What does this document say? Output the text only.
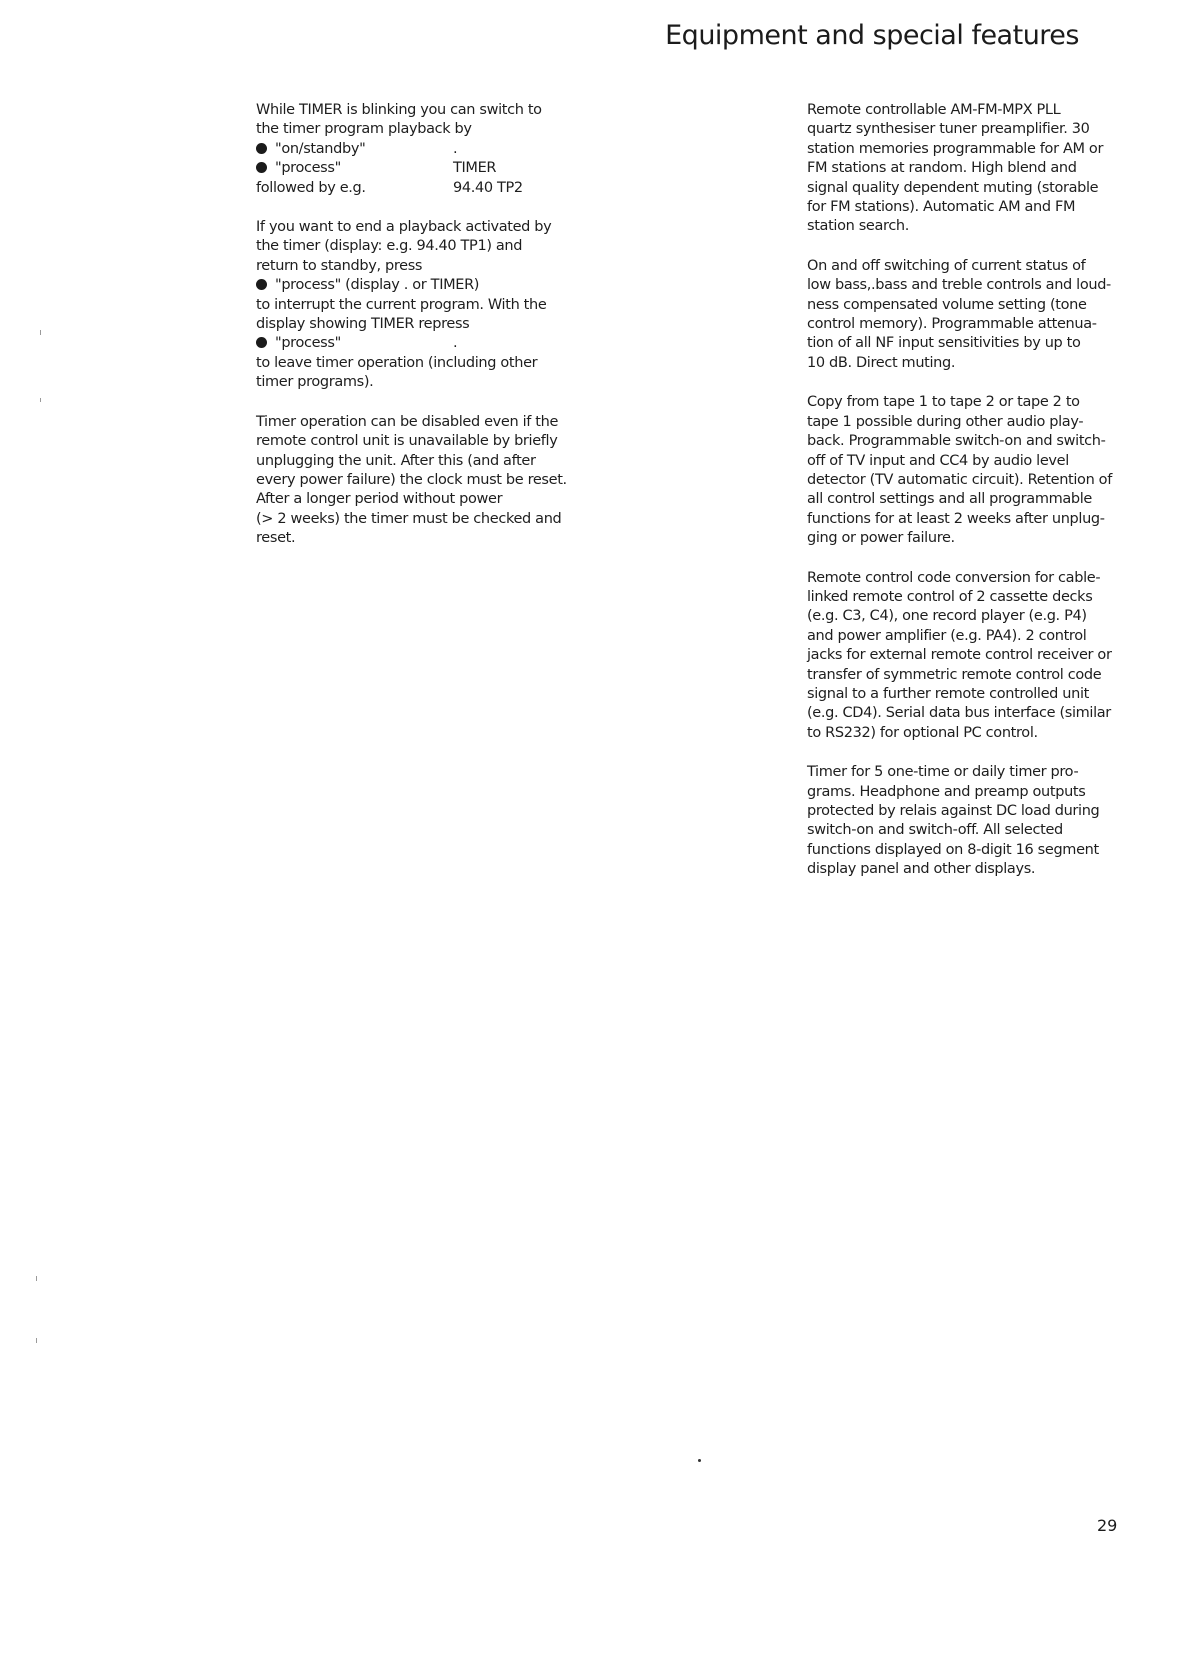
Equipment and special features
While TIMER is blinking you can switch to
the timer program playback by
"on/standby"	.
"process"	TIMER
followed by e.g.	94.40 TP2
If you want to end a playback activated by
the timer (display: e.g. 94.40 TP1) and
return to standby, press
"process" (display . or TIMER)
to interrupt the current program. With the
display showing TIMER repress
"process"	.
to leave timer operation (including other
timer programs).
Timer operation can be disabled even if the
remote control unit is unavailable by briefly
unplugging the unit. After this (and after
every power failure) the clock must be reset.
After a longer period without power
(> 2 weeks) the timer must be checked and
reset.
Remote controllable AM-FM-MPX PLL
quartz synthesiser tuner preamplifier. 30
station memories programmable for AM or
FM stations at random. High blend and
signal quality dependent muting (storable
for FM stations). Automatic AM and FM
station search.
On and off switching of current status of
low bass,.bass and treble controls and loud-
ness compensated volume setting (tone
control memory). Programmable attenua-
tion of all NF input sensitivities by up to
10 dB. Direct muting.
Copy from tape 1 to tape 2 or tape 2 to
tape 1 possible during other audio play-
back. Programmable switch-on and switch-
off of TV input and CC4 by audio level
detector (TV automatic circuit). Retention of
all control settings and all programmable
functions for at least 2 weeks after unplug-
ging or power failure.
Remote control code conversion for cable-
linked remote control of 2 cassette decks
(e.g. C3, C4), one record player (e.g. P4)
and power amplifier (e.g. PA4). 2 control
jacks for external remote control receiver or
transfer of symmetric remote control code
signal to a further remote controlled unit
(e.g. CD4). Serial data bus interface (similar
to RS232) for optional PC control.
Timer for 5 one-time or daily timer pro-
grams. Headphone and preamp outputs
protected by relais against DC load during
switch-on and switch-off. All selected
functions displayed on 8-digit 16 segment
display panel and other displays.
29
